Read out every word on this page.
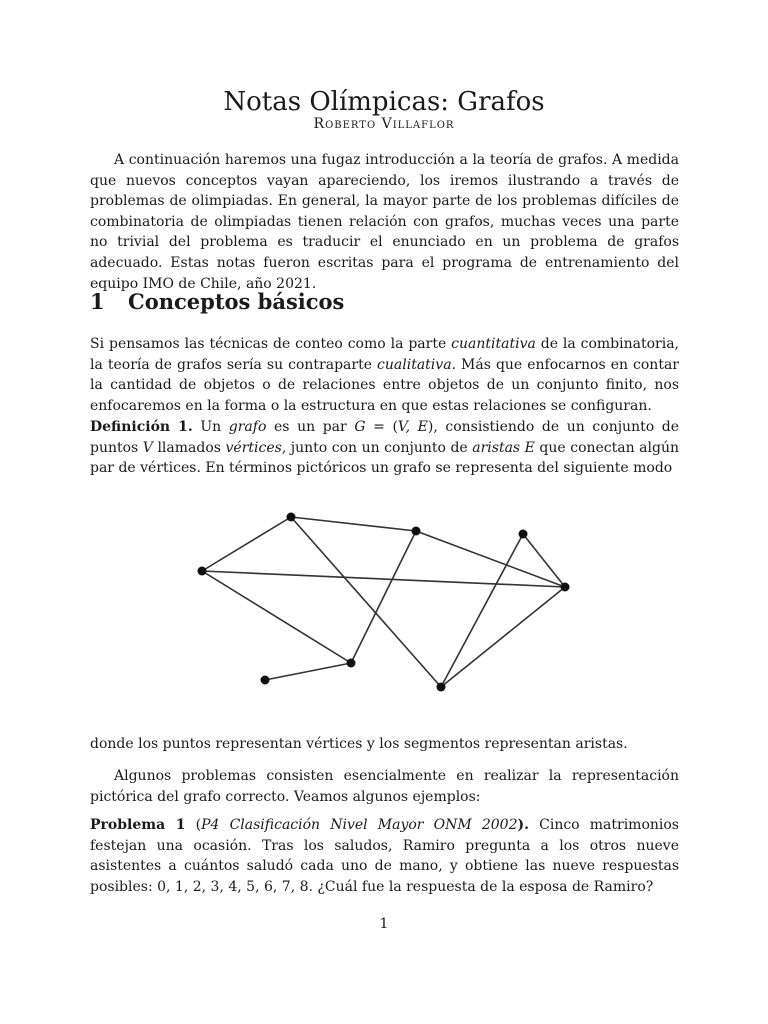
Notas Olímpicas: Grafos
Roberto Villaflor

A continuación haremos una fugaz introducción a la teoría de grafos. A medida que nuevos conceptos vayan apareciendo, los iremos ilustrando a través de problemas de olimpiadas. En general, la mayor parte de los problemas difíciles de combinatoria de olimpiadas tienen relación con grafos, muchas veces una parte no trivial del problema es traducir el enunciado en un problema de grafos adecuado. Estas notas fueron escritas para el programa de entrenamiento del equipo IMO de Chile, año 2021.

1 Conceptos básicos

Si pensamos las técnicas de conteo como la parte cuantitativa de la combinatoria, la teoría de grafos sería su contraparte cualitativa. Más que enfocarnos en contar la cantidad de objetos o de relaciones entre objetos de un conjunto finito, nos enfocaremos en la forma o la estructura en que estas relaciones se configuran.

Definición 1. Un grafo es un par G = (V, E), consistiendo de un conjunto de puntos V llamados vértices, junto con un conjunto de aristas E que conectan algún par de vértices. En términos pictóricos un grafo se representa del siguiente modo

donde los puntos representan vértices y los segmentos representan aristas.

Algunos problemas consisten esencialmente en realizar la representación pictórica del grafo correcto. Veamos algunos ejemplos:

Problema 1 (P4 Clasificación Nivel Mayor ONM 2002). Cinco matrimonios festejan una ocasión. Tras los saludos, Ramiro pregunta a los otros nueve asistentes a cuántos saludó cada uno de mano, y obtiene las nueve respuestas posibles: 0, 1, 2, 3, 4, 5, 6, 7, 8. ¿Cuál fue la respuesta de la esposa de Ramiro?

1
